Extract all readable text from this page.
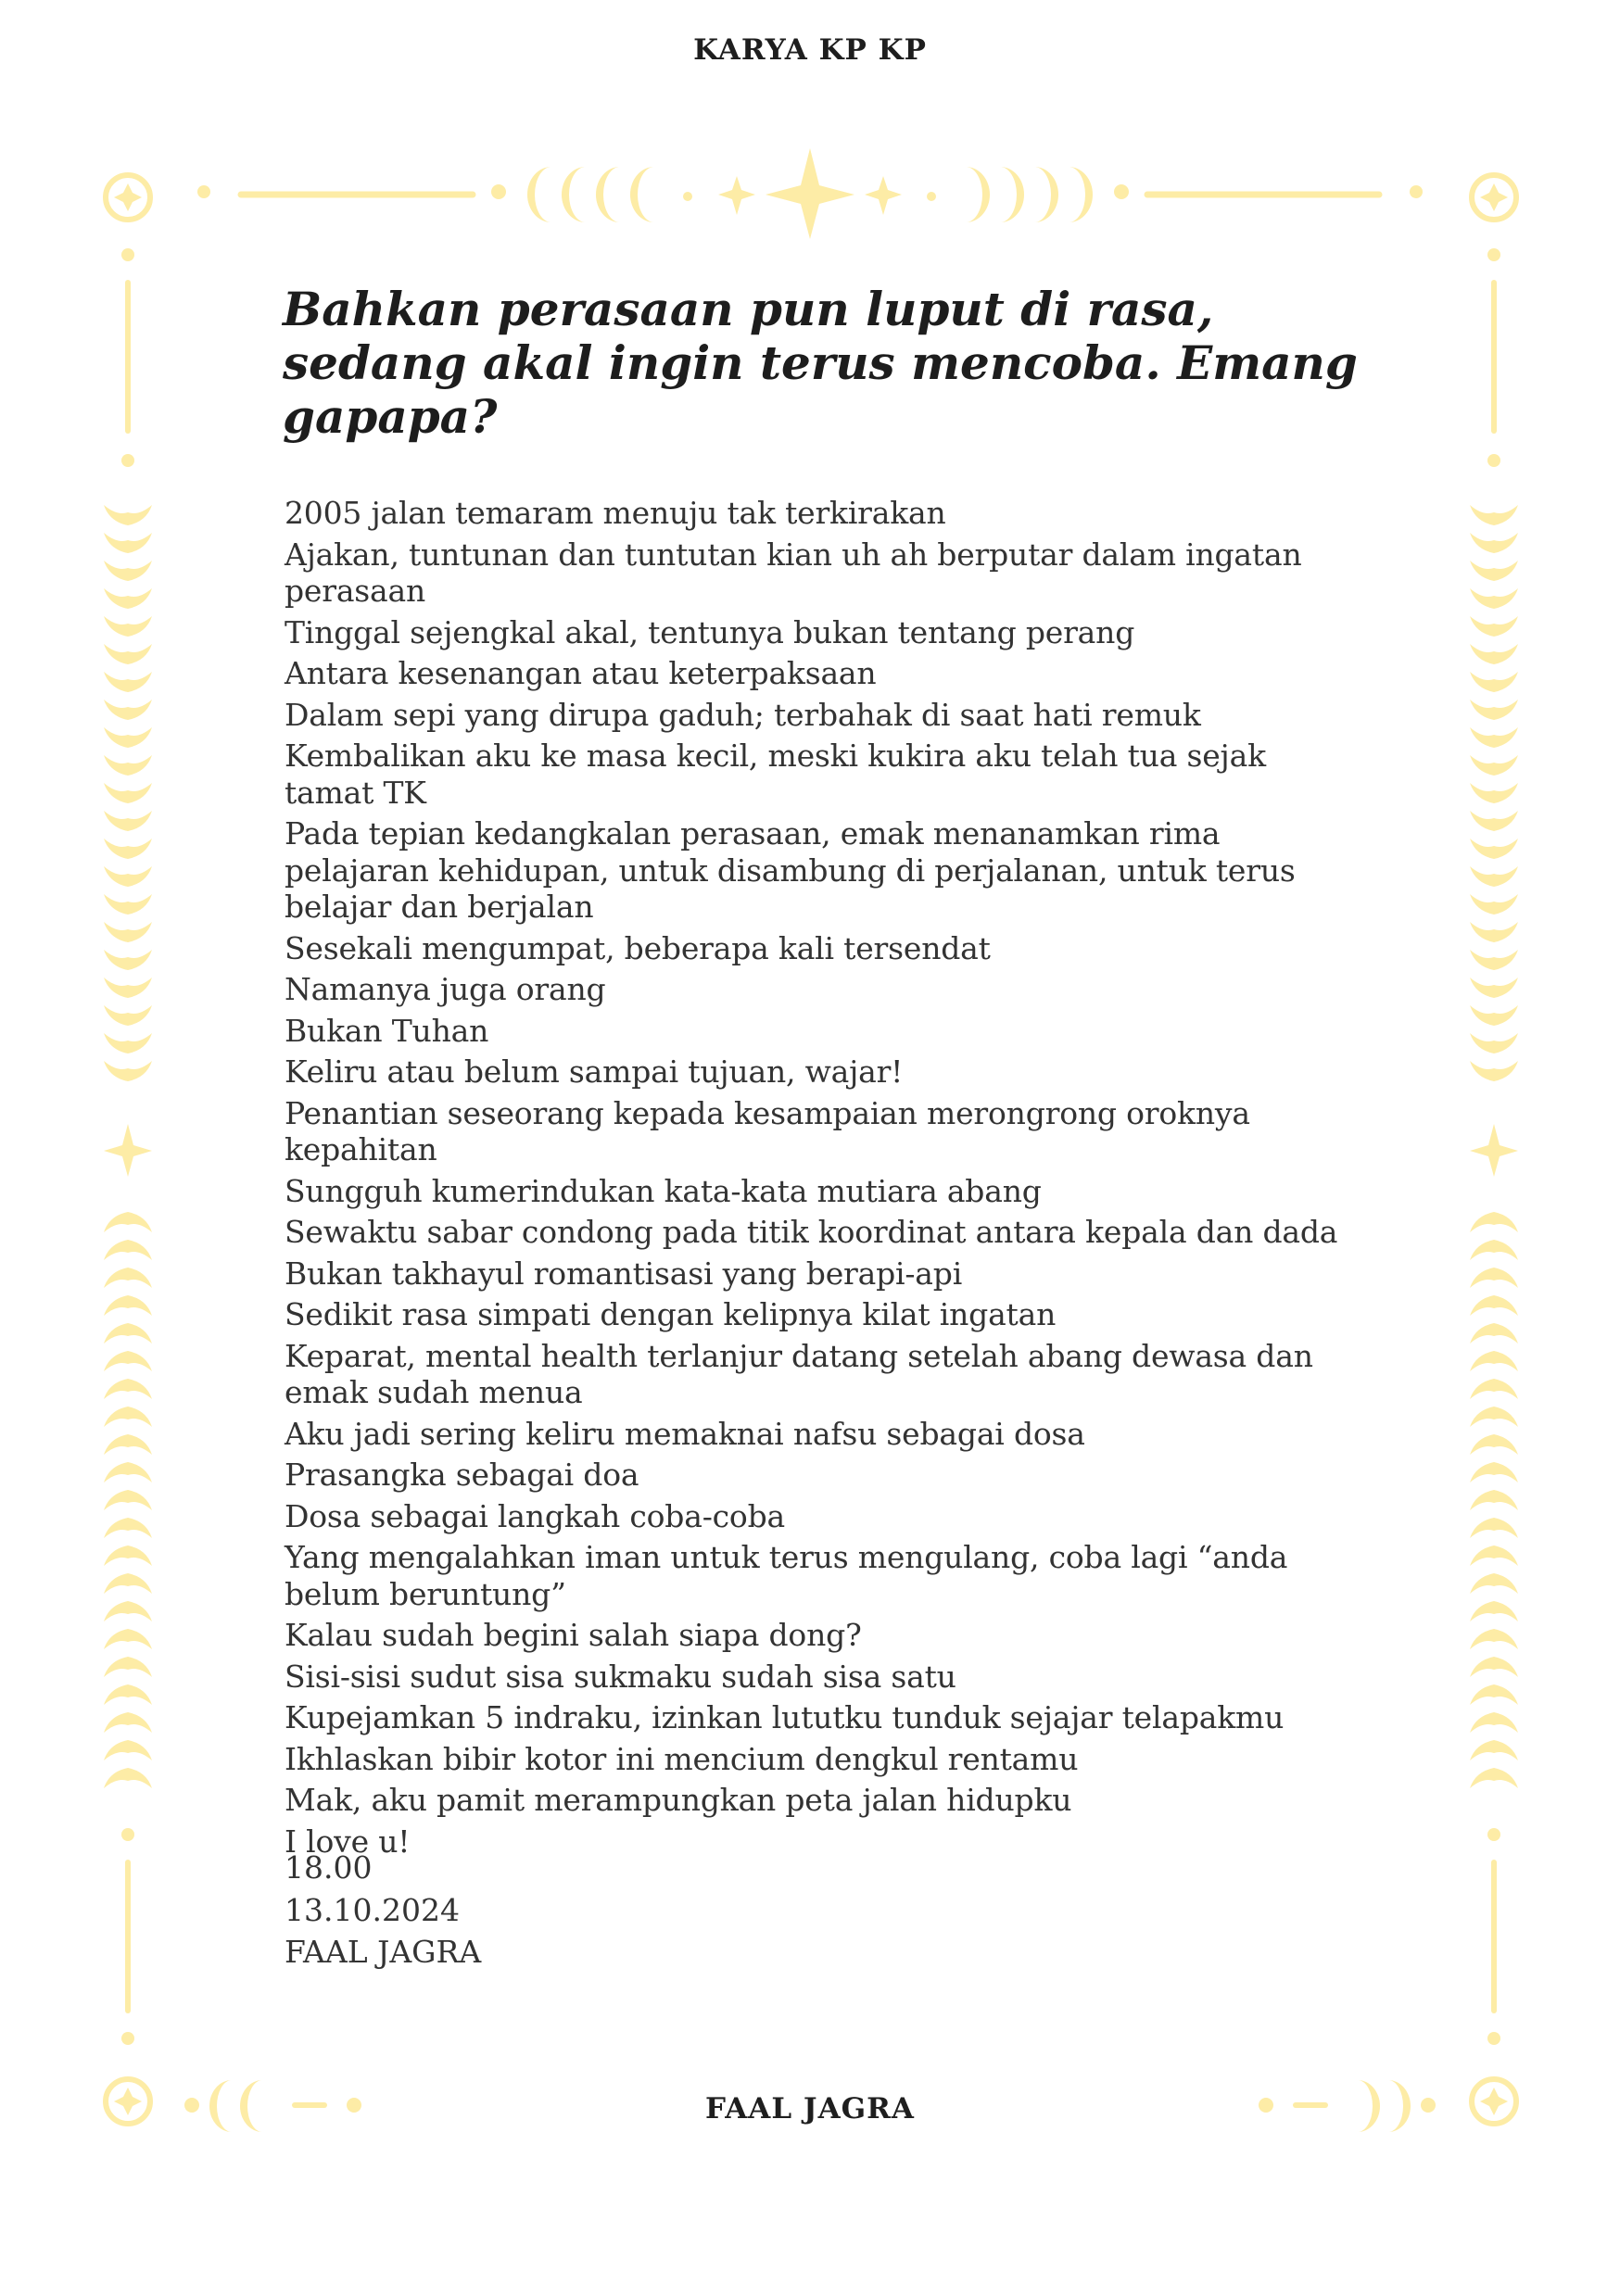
KARYA KP KP
Bahkan perasaan pun luput di rasa, sedang akal ingin terus mencoba. Emang gapapa?
2005 jalan temaram menuju tak terkirakan
Ajakan, tuntunan dan tuntutan kian uh ah berputar dalam ingatan perasaan
Tinggal sejengkal akal, tentunya bukan tentang perang
Antara kesenangan atau keterpaksaan
Dalam sepi yang dirupa gaduh; terbahak di saat hati remuk
Kembalikan aku ke masa kecil, meski kukira aku telah tua sejak tamat TK
Pada tepian kedangkalan perasaan, emak menanamkan rima pelajaran kehidupan, untuk disambung di perjalanan, untuk terus belajar dan berjalan
Sesekali mengumpat, beberapa kali tersendat
Namanya juga orang
Bukan Tuhan
Keliru atau belum sampai tujuan, wajar!
Penantian seseorang kepada kesampaian merongrong oroknya kepahitan
Sungguh kumerindukan kata-kata mutiara abang
Sewaktu sabar condong pada titik koordinat antara kepala dan dada
Bukan takhayul romantisasi yang berapi-api
Sedikit rasa simpati dengan kelipnya kilat ingatan
Keparat, mental health terlanjur datang setelah abang dewasa dan emak sudah menua
Aku jadi sering keliru memaknai nafsu sebagai dosa
Prasangka sebagai doa
Dosa sebagai langkah coba-coba
Yang mengalahkan iman untuk terus mengulang, coba lagi “anda belum beruntung”
Kalau sudah begini salah siapa dong?
Sisi-sisi sudut sisa sukmaku sudah sisa satu
Kupejamkan 5 indraku, izinkan lututku tunduk sejajar telapakmu
Ikhlaskan bibir kotor ini mencium dengkul rentamu
Mak, aku pamit merampungkan peta jalan hidupku
I love u!
18.00
13.10.2024
FAAL JAGRA
FAAL JAGRA
